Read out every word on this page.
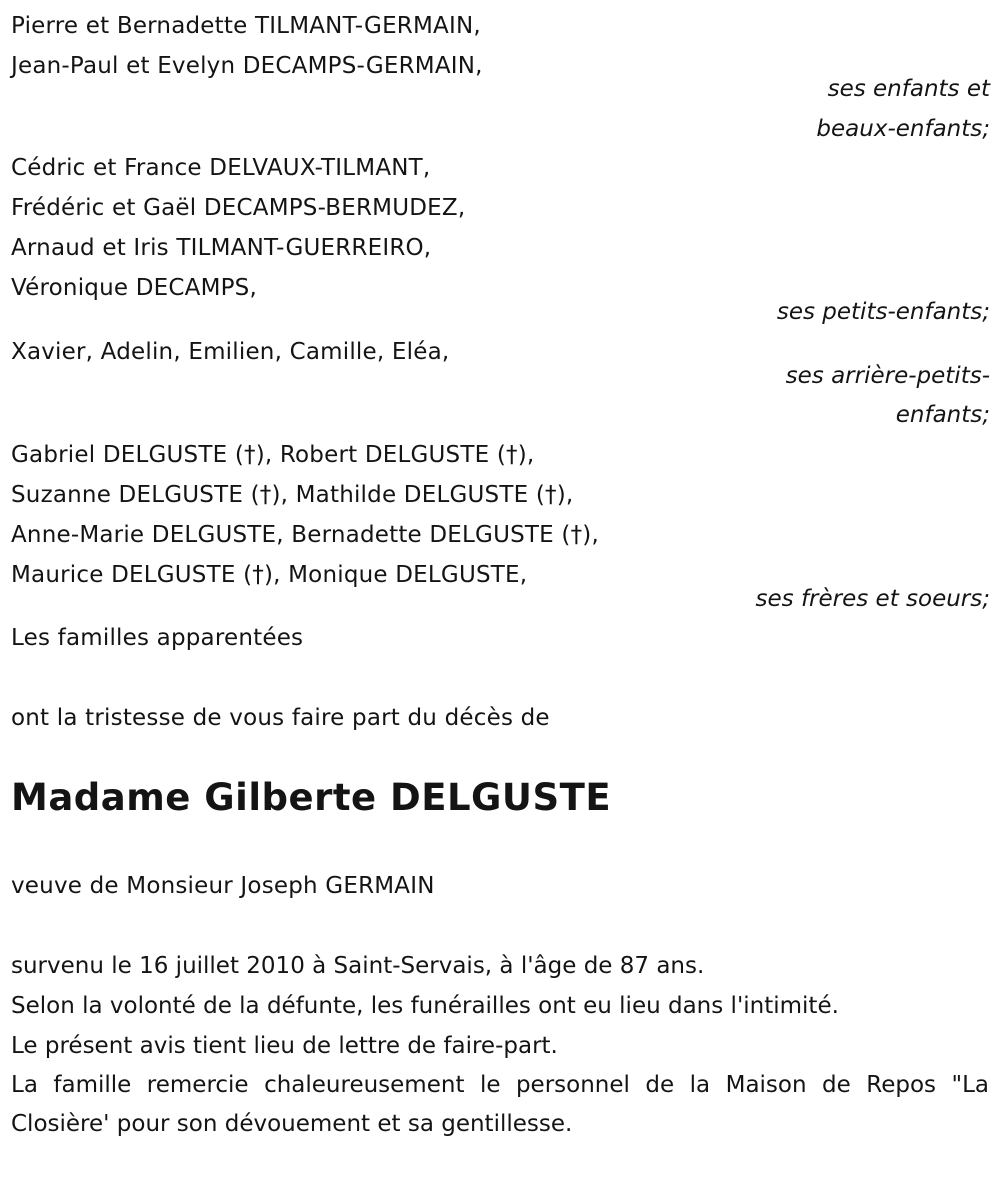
Pierre et Bernadette TILMANT-GERMAIN,
Jean-Paul et Evelyn DECAMPS-GERMAIN,
ses enfants et
beaux-enfants;
Cédric et France DELVAUX-TILMANT,
Frédéric et Gaël DECAMPS-BERMUDEZ,
Arnaud et Iris TILMANT-GUERREIRO,
Véronique DECAMPS,
ses petits-enfants;
Xavier, Adelin, Emilien, Camille, Eléa,
ses arrière-petits-
enfants;
Gabriel DELGUSTE (†), Robert DELGUSTE (†),
Suzanne DELGUSTE (†), Mathilde DELGUSTE (†),
Anne-Marie DELGUSTE, Bernadette DELGUSTE (†),
Maurice DELGUSTE (†), Monique DELGUSTE,
ses frères et soeurs;
Les familles apparentées
ont la tristesse de vous faire part du décès de
Madame Gilberte DELGUSTE
veuve de Monsieur Joseph GERMAIN

survenu le 16 juillet 2010 à Saint-Servais, à l'âge de 87 ans.

Selon la volonté de la défunte, les funérailles ont eu lieu dans l'intimité.

Le présent avis tient lieu de lettre de faire-part.

La famille remercie chaleureusement le personnel de la Maison de Repos "La Closière' pour son dévouement et sa gentillesse.
